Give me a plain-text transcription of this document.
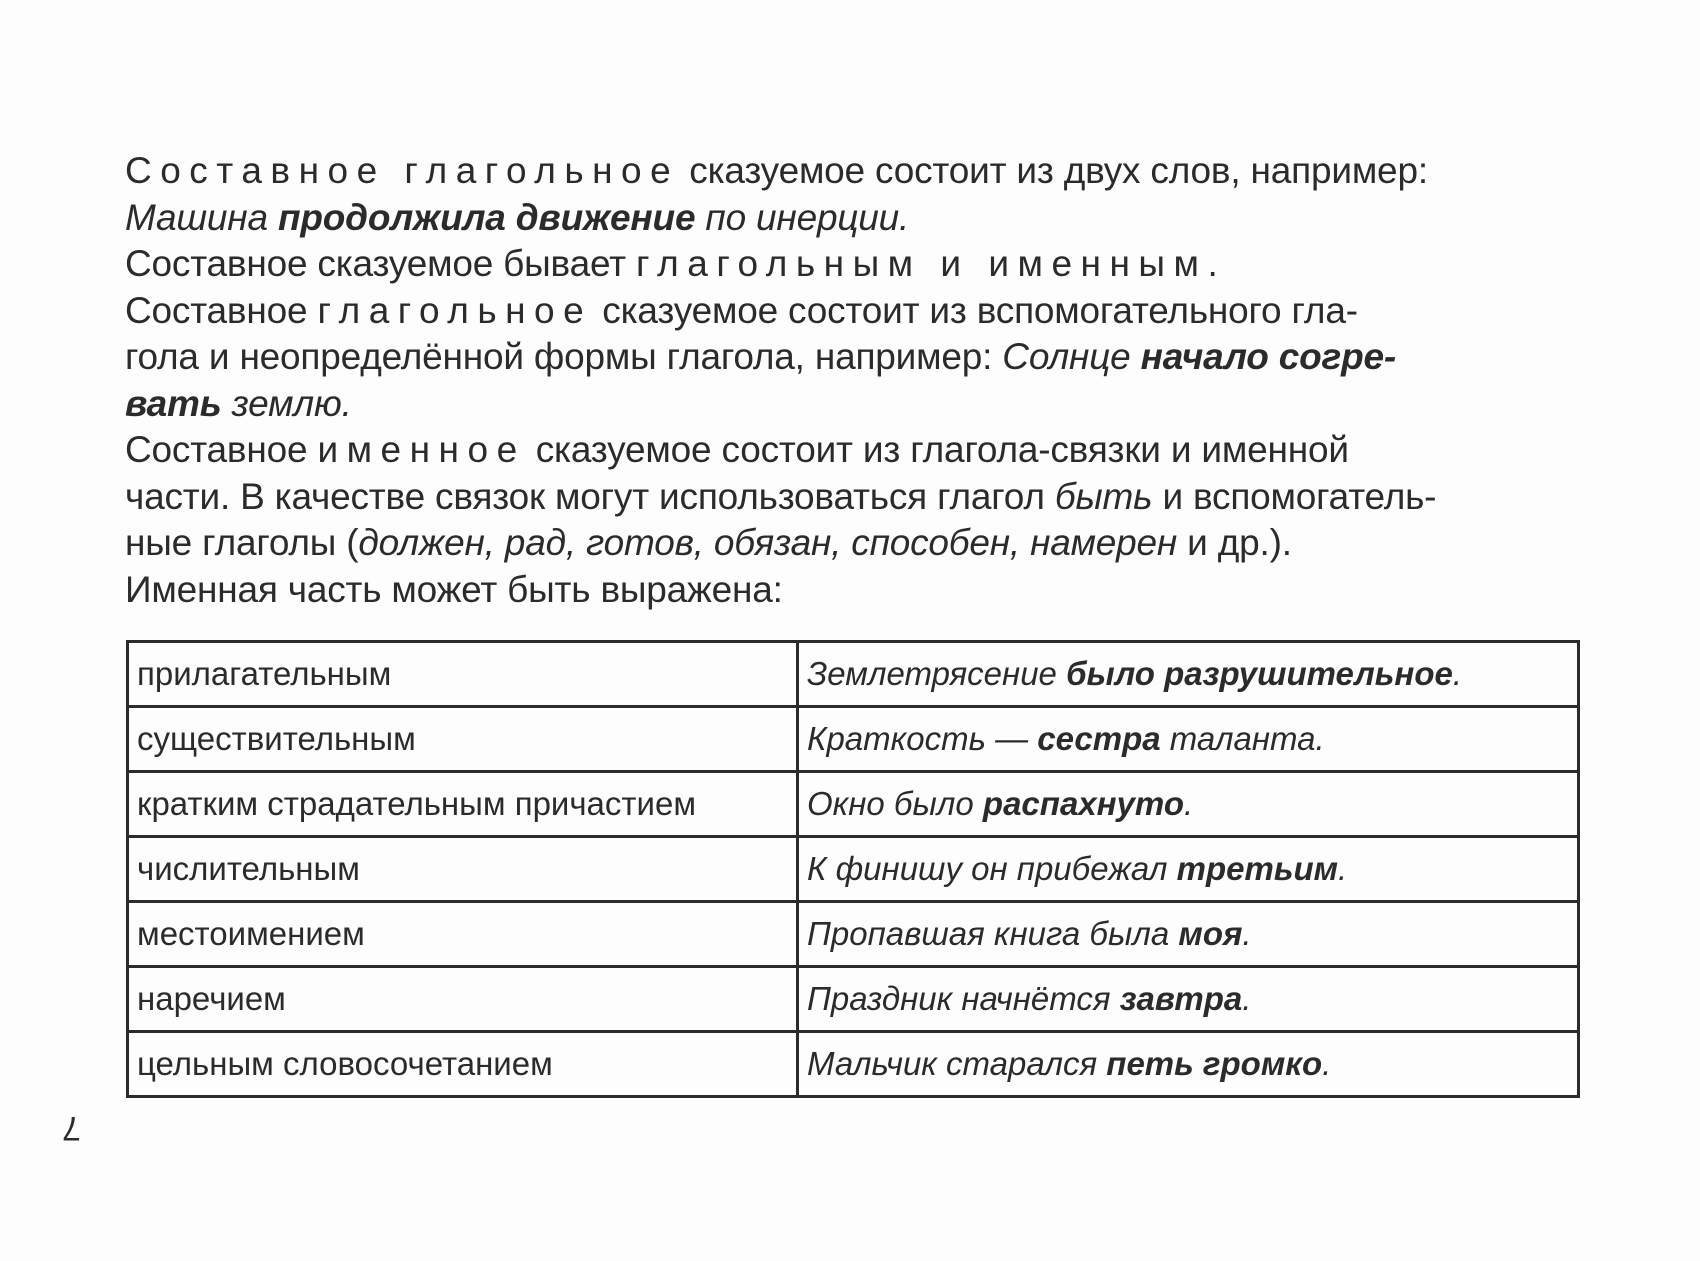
Составное глагольное сказуемое состоит из двух слов, например:
Машина продолжила движение по инерции.
Составное сказуемое бывает глагольным и именным.
Составное глагольное сказуемое состоит из вспомогательного гла-
гола и неопределённой формы глагола, например: Солнце начало согре-
вать землю.
Составное именное сказуемое состоит из глагола-связки и именной
части. В качестве связок могут использоваться глагол быть и вспомогатель-
ные глаголы (должен, рад, готов, обязан, способен, намерен и др.).
Именная часть может быть выражена:
прилагательным	Землетрясение было разрушительное.
существительным	Краткость — сестра таланта.
кратким страдательным причастием	Окно было распахнуто.
числительным	К финишу он прибежал третьим.
местоимением	Пропавшая книга была моя.
наречием	Праздник начнётся завтра.
цельным словосочетанием	Мальчик старался петь громко.
7
